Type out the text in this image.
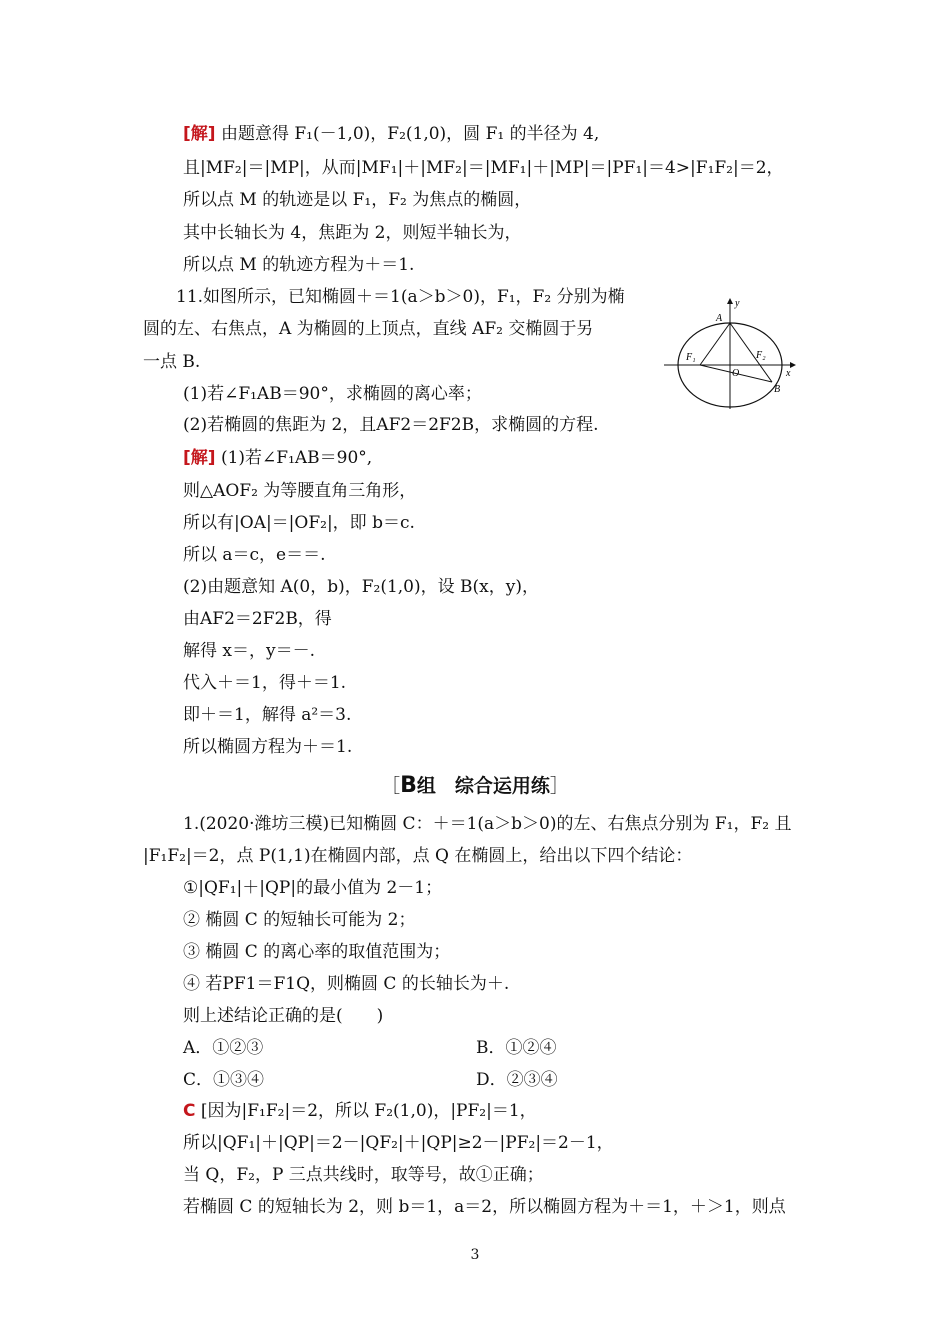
[解] 由题意得 F₁(－1,0)，F₂(1,0)，圆 F₁ 的半径为 4,
且|MF₂|＝|MP|，从而|MF₁|＋|MF₂|＝|MF₁|＋|MP|＝|PF₁|＝4>|F₁F₂|＝2，
所以点 M 的轨迹是以 F₁，F₂ 为焦点的椭圆，
其中长轴长为 4，焦距为 2，则短半轴长为，
所以点 M 的轨迹方程为＋＝1.
11.如图所示，已知椭圆＋＝1(a＞b＞0)，F₁，F₂ 分别为椭
圆的左、右焦点，A 为椭圆的上顶点，直线 AF₂ 交椭圆于另
一点 B.
(1)若∠F₁AB＝90°，求椭圆的离心率；
(2)若椭圆的焦距为 2，且AF2＝2F2B，求椭圆的方程.
y
x
A
B
O
F₁	F₂
[解] (1)若∠F₁AB＝90°,
则△AOF₂ 为等腰直角三角形，
所以有|OA|＝|OF₂|，即 b＝c.
所以 a＝c，e＝＝.
(2)由题意知 A(0，b)，F₂(1,0)，设 B(x，y)，
由AF2＝2F2B，得
解得 x＝，y＝－.
代入＋＝1，得＋＝1.
即＋＝1，解得 a²＝3.
所以椭圆方程为＋＝1.
［B组　综合运用练］
1.(2020·潍坊三模)已知椭圆 C：＋＝1(a＞b＞0)的左、右焦点分别为 F₁，F₂ 且
|F₁F₂|＝2，点 P(1,1)在椭圆内部，点 Q 在椭圆上，给出以下四个结论：
①|QF₁|＋|QP|的最小值为 2－1；
② 椭圆 C 的短轴长可能为 2；
③ 椭圆 C 的离心率的取值范围为；
④ 若PF1＝F1Q，则椭圆 C 的长轴长为＋.
则上述结论正确的是(　　)
A．①②③	B．①②④
C．①③④	D．②③④
C [因为|F₁F₂|＝2，所以 F₂(1,0)，|PF₂|＝1，
所以|QF₁|＋|QP|＝2－|QF₂|＋|QP|≥2－|PF₂|＝2－1，
当 Q，F₂，P 三点共线时，取等号，故①正确；
若椭圆 C 的短轴长为 2，则 b＝1，a＝2，所以椭圆方程为＋＝1，＋＞1，则点
3
